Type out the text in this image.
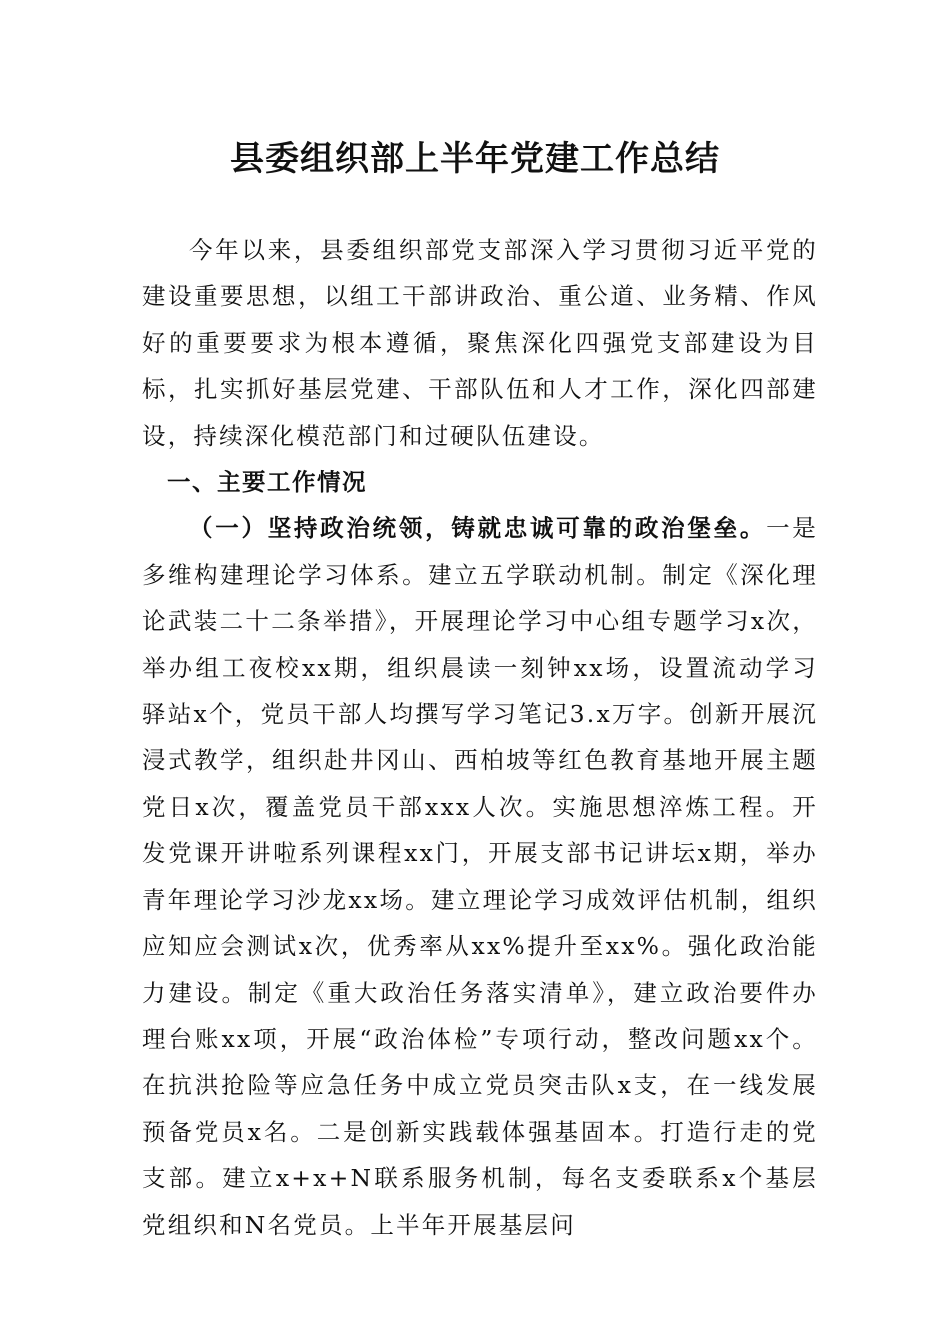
县委组织部上半年党建工作总结

今年以来，县委组织部党支部深入学习贯彻习近平党的建设重要思想，以组工干部讲政治、重公道、业务精、作风好的重要要求为根本遵循，聚焦深化四强党支部建设为目标，扎实抓好基层党建、干部队伍和人才工作，深化四部建设，持续深化模范部门和过硬队伍建设。

一、主要工作情况

（一）坚持政治统领，铸就忠诚可靠的政治堡垒。一是多维构建理论学习体系。建立五学联动机制。制定《深化理论武装二十二条举措》，开展理论学习中心组专题学习x次，举办组工夜校xx期，组织晨读一刻钟xx场，设置流动学习驿站x个，党员干部人均撰写学习笔记3.x万字。创新开展沉浸式教学，组织赴井冈山、西柏坡等红色教育基地开展主题党日x次，覆盖党员干部xxx人次。实施思想淬炼工程。开发党课开讲啦系列课程xx门，开展支部书记讲坛x期，举办青年理论学习沙龙xx场。建立理论学习成效评估机制，组织应知应会测试x次，优秀率从xx%提升至xx%。强化政治能力建设。制定《重大政治任务落实清单》，建立政治要件办理台账xx项，开展“政治体检”专项行动，整改问题xx个。在抗洪抢险等应急任务中成立党员突击队x支，在一线发展预备党员x名。二是创新实践载体强基固本。打造行走的党支部。建立x+x+N联系服务机制，每名支委联系x个基层党组织和N名党员。上半年开展基层问
